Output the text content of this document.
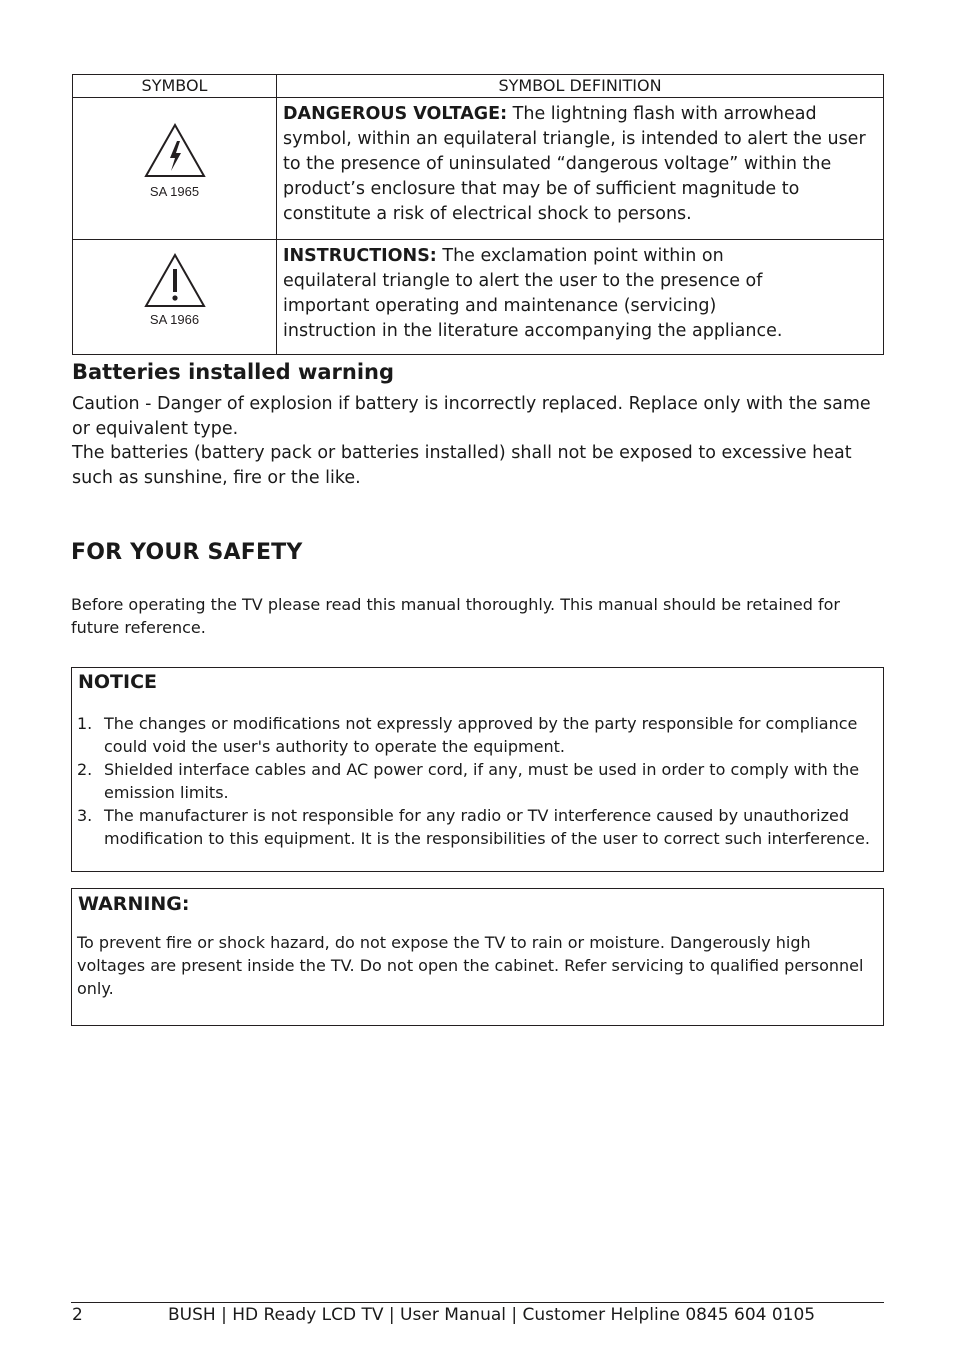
SYMBOL	SYMBOL DEFINITION

SA 1965	DANGEROUS VOLTAGE: The lightning flash with arrowhead symbol, within an equilateral triangle, is intended to alert the user to the presence of uninsulated “dangerous voltage” within the product’s enclosure that may be of sufficient magnitude to constitute a risk of electrical shock to persons.

SA 1966	INSTRUCTIONS: The exclamation point within on
equilateral triangle to alert the user to the presence of
important operating and maintenance (servicing)
instruction in the literature accompanying the appliance.
Batteries installed warning

Caution - Danger of explosion if battery is incorrectly replaced. Replace only with the same or equivalent type.

The batteries (battery pack or batteries installed) shall not be exposed to excessive heat such as sunshine, fire or the like.

FOR YOUR SAFETY

Before operating the TV please read this manual thoroughly. This manual should be retained for future reference.

NOTICE
1. The changes or modifications not expressly approved by the party responsible for compliance could void the user's authority to operate the equipment.
2. Shielded interface cables and AC power cord, if any, must be used in order to comply with the emission limits.
3. The manufacturer is not responsible for any radio or TV interference caused by unauthorized modification to this equipment. It is the responsibilities of the user to correct such interference.
WARNING:

To prevent fire or shock hazard, do not expose the TV to rain or moisture. Dangerously high voltages are present inside the TV. Do not open the cabinet. Refer servicing to qualified personnel only.

2	BUSH | HD Ready LCD TV | User Manual | Customer Helpline 0845 604 0105
